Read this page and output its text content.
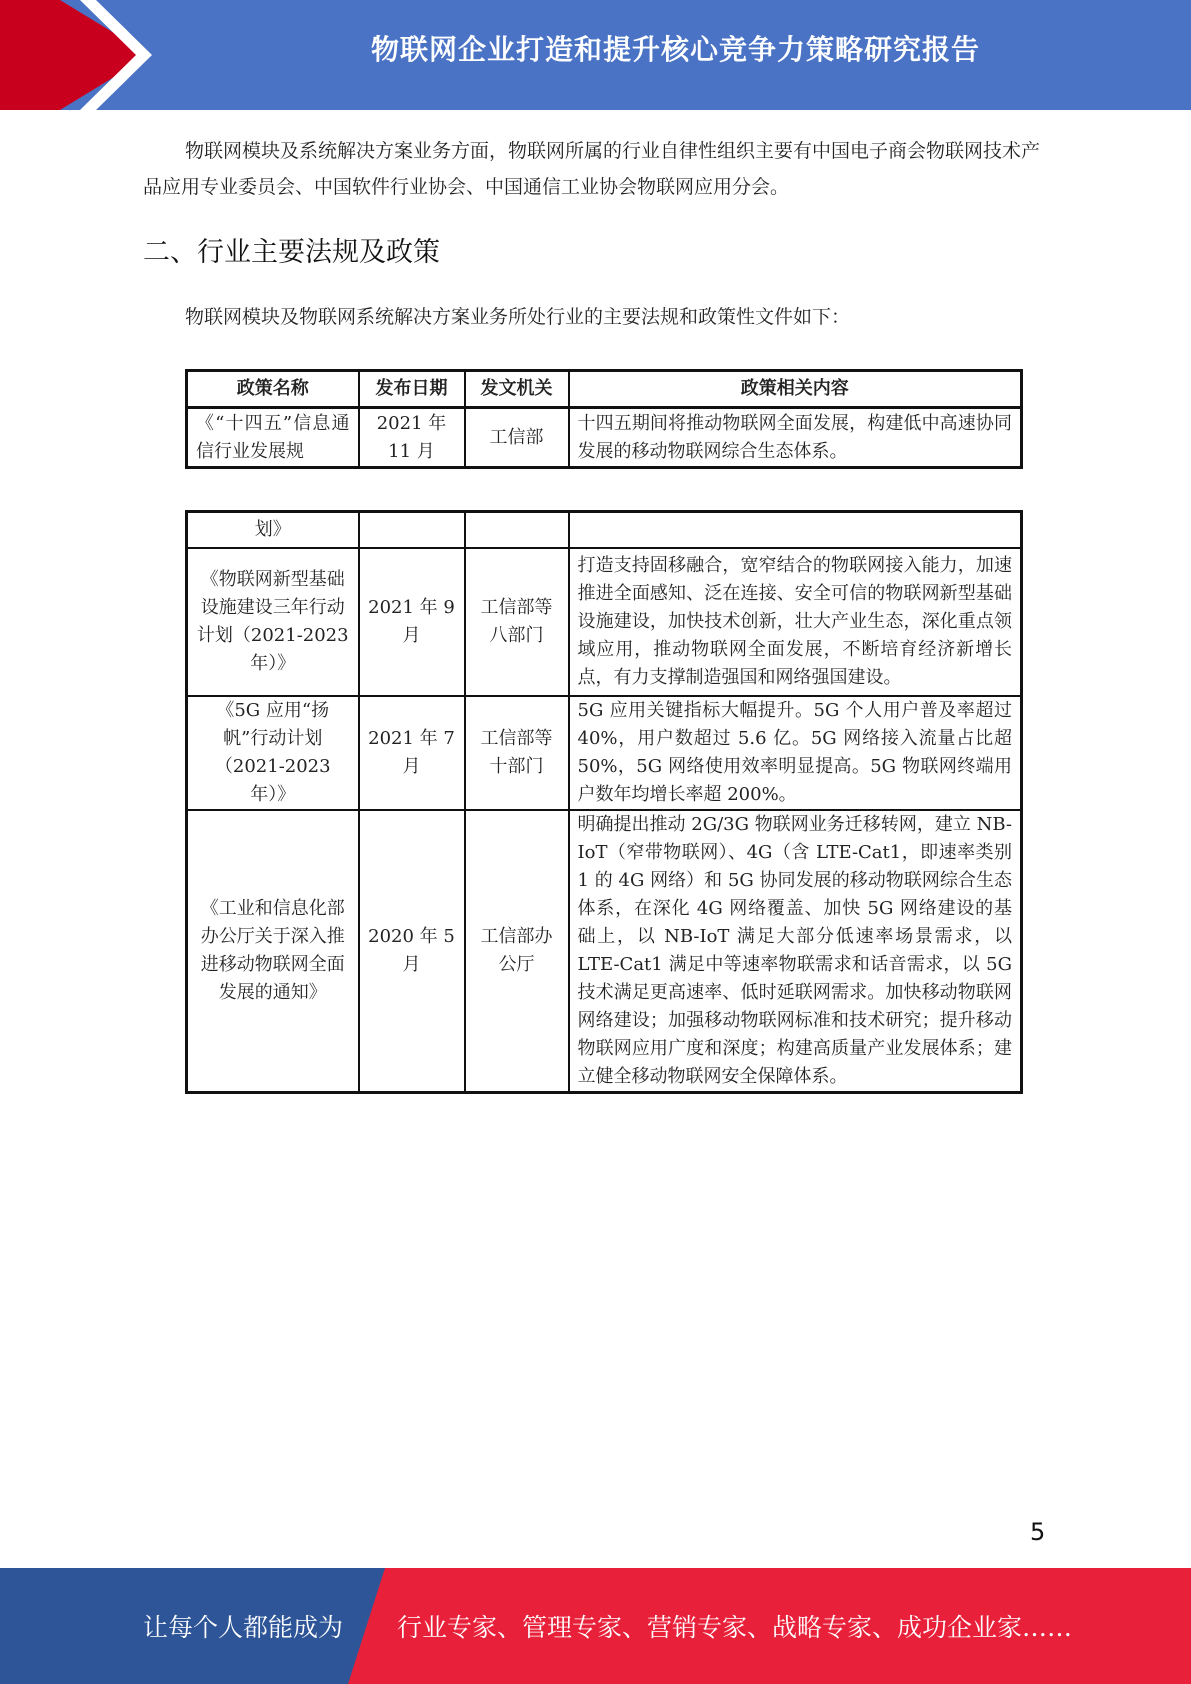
物联网企业打造和提升核心竞争力策略研究报告

物联网模块及系统解决方案业务方面，物联网所属的行业自律性组织主要有中国电子商会物联网技术产品应用专业委员会、中国软件行业协会、中国通信工业协会物联网应用分会。

二、行业主要法规及政策

物联网模块及物联网系统解决方案业务所处行业的主要法规和政策性文件如下：

政策名称	发布日期	发文机关	政策相关内容
《“十四五”信息通信行业发展规	2021 年 11 月	工信部	十四五期间将推动物联网全面发展，构建低中高速协同发展的移动物联网综合生态体系。
划》			
《物联网新型基础设施建设三年行动计划（2021-2023 年）》	2021 年 9 月	工信部等八部门	打造支持固移融合，宽窄结合的物联网接入能力，加速推进全面感知、泛在连接、安全可信的物联网新型基础设施建设，加快技术创新，壮大产业生态，深化重点领域应用，推动物联网全面发展，不断培育经济新增长点，有力支撑制造强国和网络强国建设。
《5G 应用“扬帆”行动计划（2021-2023 年）》	2021 年 7 月	工信部等十部门	5G 应用关键指标大幅提升。5G 个人用户普及率超过 40%，用户数超过 5.6 亿。5G 网络接入流量占比超 50%，5G 网络使用效率明显提高。5G 物联网终端用户数年均增长率超 200%。
《工业和信息化部办公厅关于深入推进移动物联网全面发展的通知》	2020 年 5 月	工信部办公厅	明确提出推动 2G/3G 物联网业务迁移转网，建立 NB-IoT（窄带物联网）、4G（含 LTE-Cat1，即速率类别 1 的 4G 网络）和 5G 协同发展的移动物联网综合生态体系，在深化 4G 网络覆盖、加快 5G 网络建设的基础上，以 NB-IoT 满足大部分低速率场景需求，以 LTE-Cat1 满足中等速率物联需求和话音需求，以 5G 技术满足更高速率、低时延联网需求。加快移动物联网网络建设；加强移动物联网标准和技术研究；提升移动物联网应用广度和深度；构建高质量产业发展体系；建立健全移动物联网安全保障体系。
5
让每个人都能成为 行业专家、管理专家、营销专家、战略专家、成功企业家……
